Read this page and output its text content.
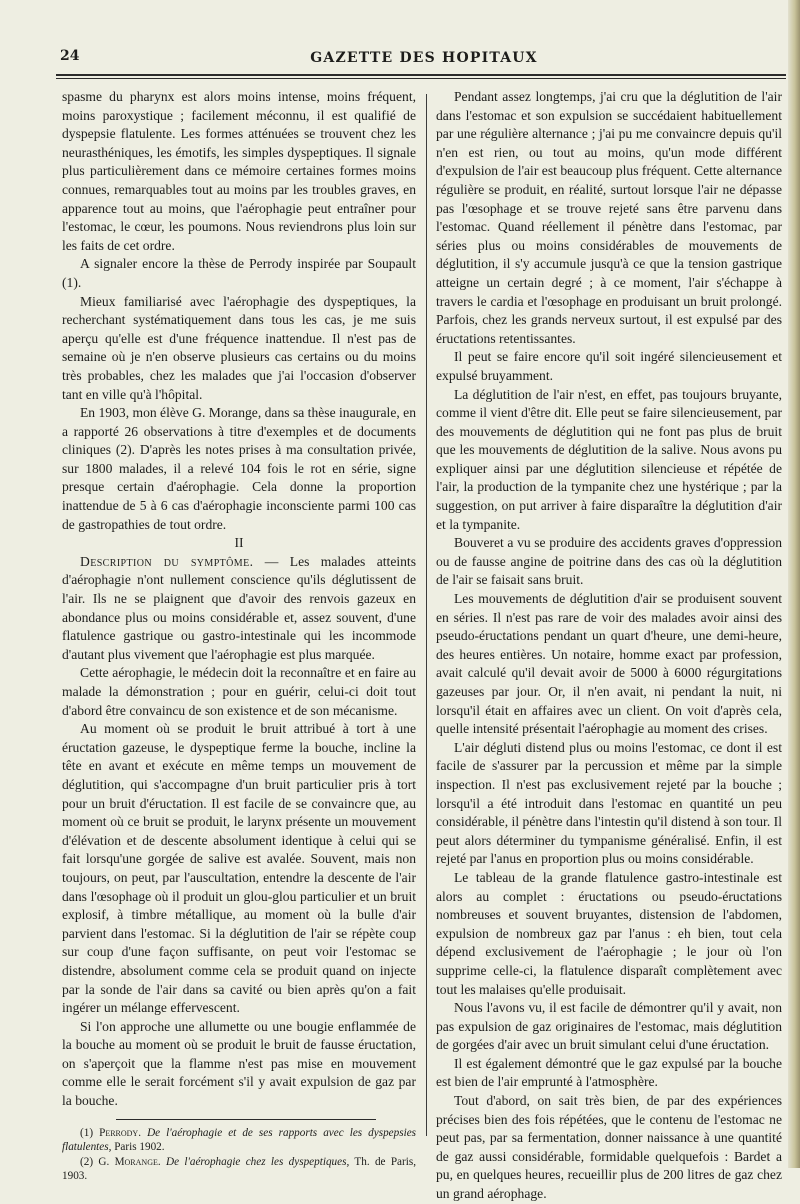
24	GAZETTE DES HOPITAUX

spasme du pharynx est alors moins intense, moins fréquent, moins paroxystique ; facilement méconnu, il est qualifié de dyspepsie flatulente. Les formes atténuées se trouvent chez les neurasthéniques, les émotifs, les simples dyspeptiques. Il signale plus particulièrement dans ce mémoire certaines formes moins connues, remarquables tout au moins par les troubles graves, en apparence tout au moins, que l'aérophagie peut entraîner pour l'estomac, le cœur, les poumons. Nous reviendrons plus loin sur les faits de cet ordre.

A signaler encore la thèse de Perrody inspirée par Soupault (1).

Mieux familiarisé avec l'aérophagie des dyspeptiques, la recherchant systématiquement dans tous les cas, je me suis aperçu qu'elle est d'une fréquence inattendue. Il n'est pas de semaine où je n'en observe plusieurs cas certains ou du moins très probables, chez les malades que j'ai l'occasion d'observer tant en ville qu'à l'hôpital.

En 1903, mon élève G. Morange, dans sa thèse inaugurale, en a rapporté 26 observations à titre d'exemples et de documents cliniques (2). D'après les notes prises à ma consultation privée, sur 1800 malades, il a relevé 104 fois le rot en série, signe presque certain d'aérophagie. Cela donne la proportion inattendue de 5 à 6 cas d'aérophagie inconsciente parmi 100 cas de gastropathies de tout ordre.

II

Description du symptôme. — Les malades atteints d'aérophagie n'ont nullement conscience qu'ils déglutissent de l'air. Ils ne se plaignent que d'avoir des renvois gazeux en abondance plus ou moins considérable et, assez souvent, d'une flatulence gastrique ou gastro-intestinale qui les incommode d'autant plus vivement que l'aérophagie est plus marquée.

Cette aérophagie, le médecin doit la reconnaître et en faire au malade la démonstration ; pour en guérir, celui-ci doit tout d'abord être convaincu de son existence et de son mécanisme.

Au moment où se produit le bruit attribué à tort à une éructation gazeuse, le dyspeptique ferme la bouche, incline la tête en avant et exécute en même temps un mouvement de déglutition, qui s'accompagne d'un bruit particulier pris à tort pour un bruit d'éructation. Il est facile de se convaincre que, au moment où ce bruit se produit, le larynx présente un mouvement d'élévation et de descente absolument identique à celui qui se fait lorsqu'une gorgée de salive est avalée. Souvent, mais non toujours, on peut, par l'auscultation, entendre la descente de l'air dans l'œsophage où il produit un glou-glou particulier et un bruit explosif, à timbre métallique, au moment où la bulle d'air parvient dans l'estomac. Si la déglutition de l'air se répète coup sur coup d'une façon suffisante, on peut voir l'estomac se distendre, absolument comme cela se produit quand on injecte par la sonde de l'air dans sa cavité ou bien après qu'on a fait ingérer un mélange effervescent.

Si l'on approche une allumette ou une bougie enflammée de la bouche au moment où se produit le bruit de fausse éructation, on s'aperçoit que la flamme n'est pas mise en mouvement comme elle le serait forcément s'il y avait expulsion de gaz par la bouche.

(1) Perrody. De l'aérophagie et de ses rapports avec les dyspepsies flatulentes, Paris 1902.

(2) G. Morange. De l'aérophagie chez les dyspeptiques, Th. de Paris, 1903.

Pendant assez longtemps, j'ai cru que la déglutition de l'air dans l'estomac et son expulsion se succédaient habituellement par une régulière alternance ; j'ai pu me convaincre depuis qu'il n'en est rien, ou tout au moins, qu'un mode différent d'expulsion de l'air est beaucoup plus fréquent. Cette alternance régulière se produit, en réalité, surtout lorsque l'air ne dépasse pas l'œsophage et se trouve rejeté sans être parvenu dans l'estomac. Quand réellement il pénètre dans l'estomac, par séries plus ou moins considérables de mouvements de déglutition, il s'y accumule jusqu'à ce que la tension gastrique atteigne un certain degré ; à ce moment, l'air s'échappe à travers le cardia et l'œsophage en produisant un bruit prolongé. Parfois, chez les grands nerveux surtout, il est expulsé par des éructations retentissantes.

Il peut se faire encore qu'il soit ingéré silencieusement et expulsé bruyamment.

La déglutition de l'air n'est, en effet, pas toujours bruyante, comme il vient d'être dit. Elle peut se faire silencieusement, par des mouvements de déglutition qui ne font pas plus de bruit que les mouvements de déglutition de la salive. Nous avons pu expliquer ainsi par une déglutition silencieuse et répétée de l'air, la production de la tympanite chez une hystérique ; par la suggestion, on put arriver à faire disparaître la déglutition d'air et la tympanite.

Bouveret a vu se produire des accidents graves d'oppression ou de fausse angine de poitrine dans des cas où la déglutition de l'air se faisait sans bruit.

Les mouvements de déglutition d'air se produisent souvent en séries. Il n'est pas rare de voir des malades avoir ainsi des pseudo-éructations pendant un quart d'heure, une demi-heure, des heures entières. Un notaire, homme exact par profession, avait calculé qu'il devait avoir de 5000 à 6000 régurgitations gazeuses par jour. Or, il n'en avait, ni pendant la nuit, ni lorsqu'il était en affaires avec un client. On voit d'après cela, quelle intensité présentait l'aérophagie au moment des crises.

L'air dégluti distend plus ou moins l'estomac, ce dont il est facile de s'assurer par la percussion et même par la simple inspection. Il n'est pas exclusivement rejeté par la bouche ; lorsqu'il a été introduit dans l'estomac en quantité un peu considérable, il pénètre dans l'intestin qu'il distend à son tour. Il peut alors déterminer du tympanisme généralisé. Enfin, il est rejeté par l'anus en proportion plus ou moins considérable.

Le tableau de la grande flatulence gastro-intestinale est alors au complet : éructations ou pseudo-éructations nombreuses et souvent bruyantes, distension de l'abdomen, expulsion de nombreux gaz par l'anus : eh bien, tout cela dépend exclusivement de l'aérophagie ; le jour où l'on supprime celle-ci, la flatulence disparaît complètement avec tout les malaises qu'elle produisait.

Nous l'avons vu, il est facile de démontrer qu'il y avait, non pas expulsion de gaz originaires de l'estomac, mais déglutition de gorgées d'air avec un bruit simulant celui d'une éructation.

Il est également démontré que le gaz expulsé par la bouche est bien de l'air emprunté à l'atmosphère.

Tout d'abord, on sait très bien, de par des expériences précises bien des fois répétées, que le contenu de l'estomac ne peut pas, par sa fermentation, donner naissance à une quantité de gaz aussi considérable, formidable quelquefois : Bardet a pu, en quelques heures, recueillir plus de 200 litres de gaz chez un grand aérophage.
